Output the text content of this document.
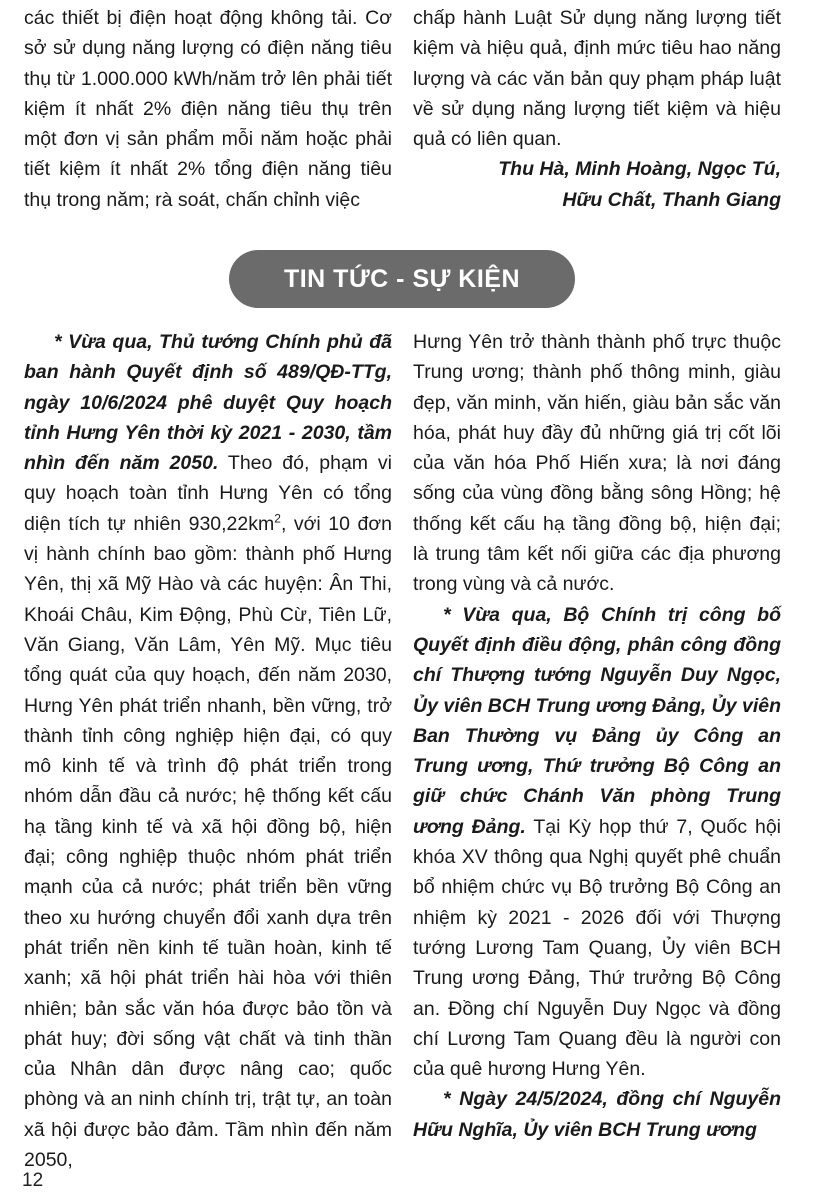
các thiết bị điện hoạt động không tải. Cơ sở sử dụng năng lượng có điện năng tiêu thụ từ 1.000.000 kWh/năm trở lên phải tiết kiệm ít nhất 2% điện năng tiêu thụ trên một đơn vị sản phẩm mỗi năm hoặc phải tiết kiệm ít nhất 2% tổng điện năng tiêu thụ trong năm; rà soát, chấn chỉnh việc

chấp hành Luật Sử dụng năng lượng tiết kiệm và hiệu quả, định mức tiêu hao năng lượng và các văn bản quy phạm pháp luật về sử dụng năng lượng tiết kiệm và hiệu quả có liên quan.

Thu Hà, Minh Hoàng, Ngọc Tú,

Hữu Chất, Thanh Giang

TIN TỨC - SỰ KIỆN

* Vừa qua, Thủ tướng Chính phủ đã ban hành Quyết định số 489/QĐ-TTg, ngày 10/6/2024 phê duyệt Quy hoạch tỉnh Hưng Yên thời kỳ 2021 - 2030, tầm nhìn đến năm 2050. Theo đó, phạm vi quy hoạch toàn tỉnh Hưng Yên có tổng diện tích tự nhiên $930,22km^2$, với 10 đơn vị hành chính bao gồm: thành phố Hưng Yên, thị xã Mỹ Hào và các huyện: Ân Thi, Khoái Châu, Kim Động, Phù Cừ, Tiên Lữ, Văn Giang, Văn Lâm, Yên Mỹ. Mục tiêu tổng quát của quy hoạch, đến năm 2030, Hưng Yên phát triển nhanh, bền vững, trở thành tỉnh công nghiệp hiện đại, có quy mô kinh tế và trình độ phát triển trong nhóm dẫn đầu cả nước; hệ thống kết cấu hạ tầng kinh tế và xã hội đồng bộ, hiện đại; công nghiệp thuộc nhóm phát triển mạnh của cả nước; phát triển bền vững theo xu hướng chuyển đổi xanh dựa trên phát triển nền kinh tế tuần hoàn, kinh tế xanh; xã hội phát triển hài hòa với thiên nhiên; bản sắc văn hóa được bảo tồn và phát huy; đời sống vật chất và tinh thần của Nhân dân được nâng cao; quốc phòng và an ninh chính trị, trật tự, an toàn xã hội được bảo đảm. Tầm nhìn đến năm 2050,

Hưng Yên trở thành thành phố trực thuộc Trung ương; thành phố thông minh, giàu đẹp, văn minh, văn hiến, giàu bản sắc văn hóa, phát huy đầy đủ những giá trị cốt lõi của văn hóa Phố Hiến xưa; là nơi đáng sống của vùng đồng bằng sông Hồng; hệ thống kết cấu hạ tầng đồng bộ, hiện đại; là trung tâm kết nối giữa các địa phương trong vùng và cả nước.

* Vừa qua, Bộ Chính trị công bố Quyết định điều động, phân công đồng chí Thượng tướng Nguyễn Duy Ngọc, Ủy viên BCH Trung ương Đảng, Ủy viên Ban Thường vụ Đảng ủy Công an Trung ương, Thứ trưởng Bộ Công an giữ chức Chánh Văn phòng Trung ương Đảng. Tại Kỳ họp thứ 7, Quốc hội khóa XV thông qua Nghị quyết phê chuẩn bổ nhiệm chức vụ Bộ trưởng Bộ Công an nhiệm kỳ 2021 - 2026 đối với Thượng tướng Lương Tam Quang, Ủy viên BCH Trung ương Đảng, Thứ trưởng Bộ Công an. Đồng chí Nguyễn Duy Ngọc và đồng chí Lương Tam Quang đều là người con của quê hương Hưng Yên.

* Ngày 24/5/2024, đồng chí Nguyễn Hữu Nghĩa, Ủy viên BCH Trung ương

12
